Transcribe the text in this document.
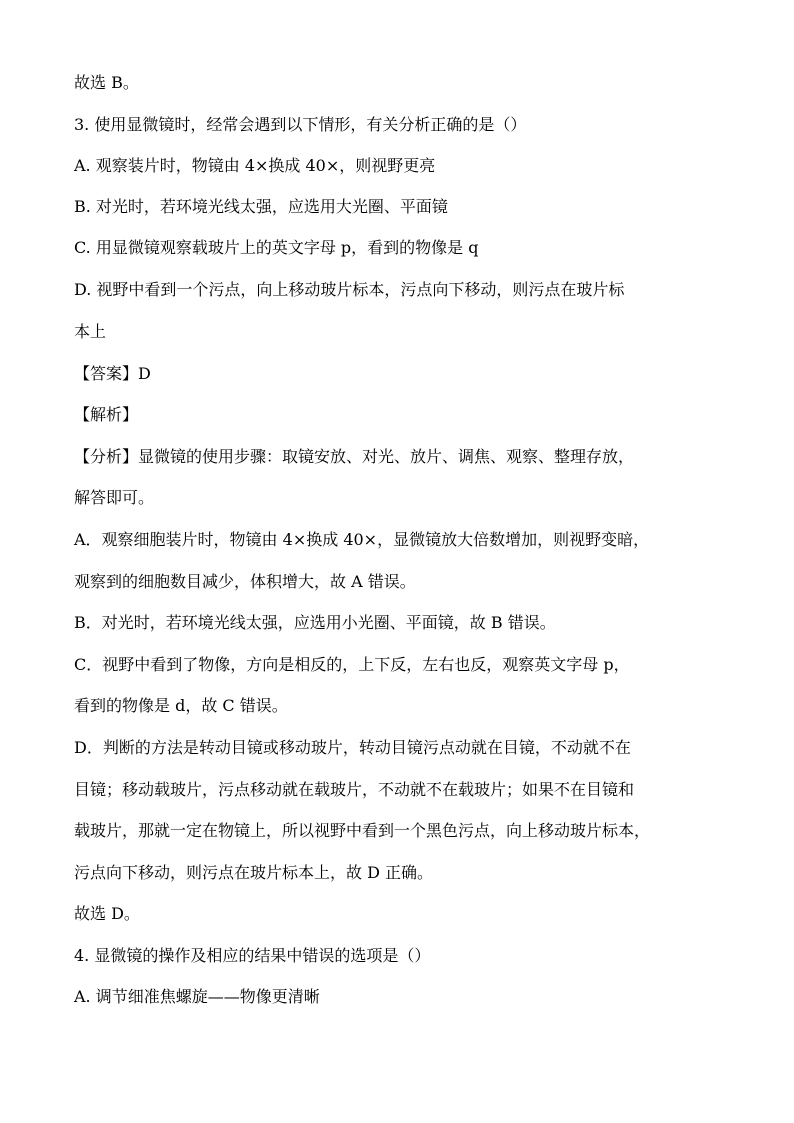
故选 B。
3. 使用显微镜时，经常会遇到以下情形，有关分析正确的是（）
A. 观察装片时，物镜由 4×换成 40×，则视野更亮
B. 对光时，若环境光线太强，应选用大光圈、平面镜
C. 用显微镜观察载玻片上的英文字母 p，看到的物像是 q
D. 视野中看到一个污点，向上移动玻片标本，污点向下移动，则污点在玻片标
本上
【答案】D
【解析】
【分析】显微镜的使用步骤：取镜安放、对光、放片、调焦、观察、整理存放，
解答即可。
A．观察细胞装片时，物镜由 4×换成 40×，显微镜放大倍数增加，则视野变暗，
观察到的细胞数目减少，体积增大，故 A 错误。
B．对光时，若环境光线太强，应选用小光圈、平面镜，故 B 错误。
C．视野中看到了物像，方向是相反的，上下反，左右也反，观察英文字母 p，
看到的物像是 d，故 C 错误。
D．判断的方法是转动目镜或移动玻片，转动目镜污点动就在目镜，不动就不在
目镜；移动载玻片，污点移动就在载玻片，不动就不在载玻片；如果不在目镜和
载玻片，那就一定在物镜上，所以视野中看到一个黑色污点，向上移动玻片标本，
污点向下移动，则污点在玻片标本上，故 D 正确。
故选 D。
4. 显微镜的操作及相应的结果中错误的选项是（）
A. 调节细准焦螺旋——物像更清晰
